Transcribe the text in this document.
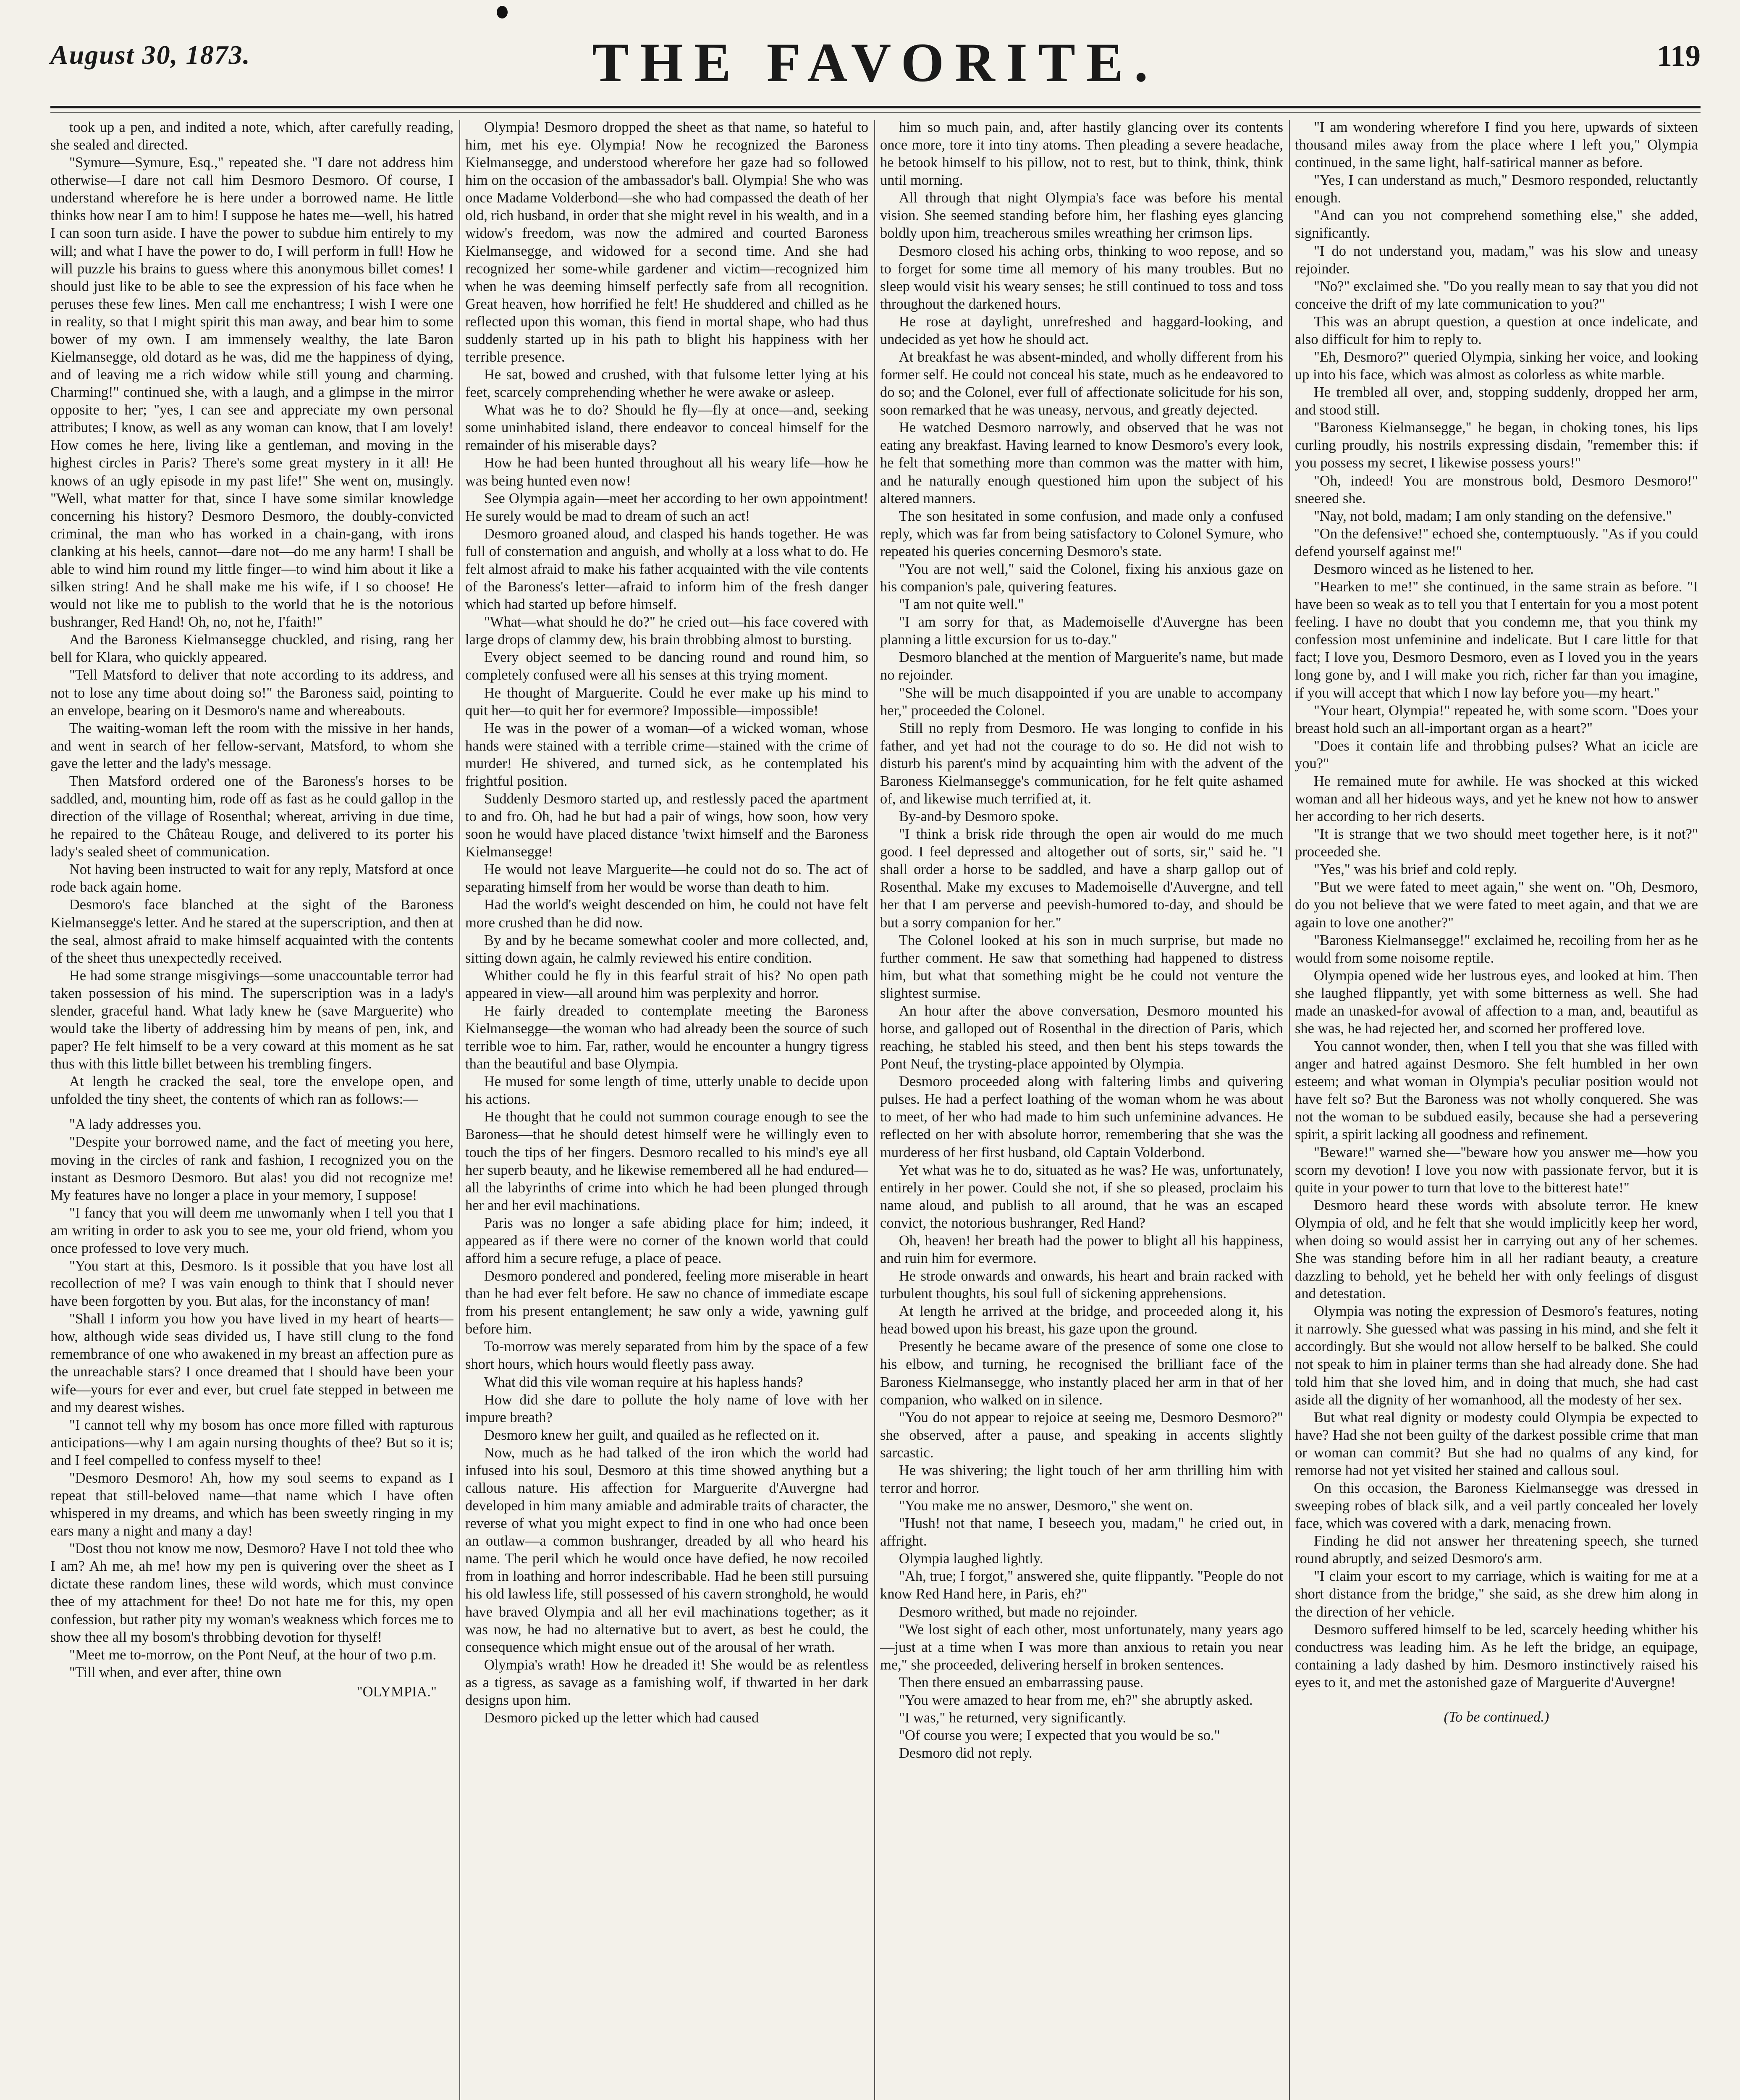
August 30, 1873.	THE FAVORITE.	119

took up a pen, and indited a note, which, after carefully reading, she sealed and directed.

"Symure—Symure, Esq.," repeated she. "I dare not address him otherwise—I dare not call him Desmoro Desmoro. Of course, I understand wherefore he is here under a borrowed name. He little thinks how near I am to him! I suppose he hates me—well, his hatred I can soon turn aside. I have the power to subdue him entirely to my will; and what I have the power to do, I will perform in full! How he will puzzle his brains to guess where this anonymous billet comes! I should just like to be able to see the expression of his face when he peruses these few lines. Men call me enchantress; I wish I were one in reality, so that I might spirit this man away, and bear him to some bower of my own. I am immensely wealthy, the late Baron Kielmansegge, old dotard as he was, did me the happiness of dying, and of leaving me a rich widow while still young and charming. Charming!" continued she, with a laugh, and a glimpse in the mirror opposite to her; "yes, I can see and appreciate my own personal attributes; I know, as well as any woman can know, that I am lovely! How comes he here, living like a gentleman, and moving in the highest circles in Paris? There's some great mystery in it all! He knows of an ugly episode in my past life!" She went on, musingly. "Well, what matter for that, since I have some similar knowledge concerning his history? Desmoro Desmoro, the doubly-convicted criminal, the man who has worked in a chain-gang, with irons clanking at his heels, cannot—dare not—do me any harm! I shall be able to wind him round my little finger—to wind him about it like a silken string! And he shall make me his wife, if I so choose! He would not like me to publish to the world that he is the notorious bushranger, Red Hand! Oh, no, not he, I'faith!"

And the Baroness Kielmansegge chuckled, and rising, rang her bell for Klara, who quickly appeared.

"Tell Matsford to deliver that note according to its address, and not to lose any time about doing so!" the Baroness said, pointing to an envelope, bearing on it Desmoro's name and whereabouts.

The waiting-woman left the room with the missive in her hands, and went in search of her fellow-servant, Matsford, to whom she gave the letter and the lady's message.

Then Matsford ordered one of the Baroness's horses to be saddled, and, mounting him, rode off as fast as he could gallop in the direction of the village of Rosenthal; whereat, arriving in due time, he repaired to the Château Rouge, and delivered to its porter his lady's sealed sheet of communication.

Not having been instructed to wait for any reply, Matsford at once rode back again home.

Desmoro's face blanched at the sight of the Baroness Kielmansegge's letter. And he stared at the superscription, and then at the seal, almost afraid to make himself acquainted with the contents of the sheet thus unexpectedly received.

He had some strange misgivings—some unaccountable terror had taken possession of his mind. The superscription was in a lady's slender, graceful hand. What lady knew he (save Marguerite) who would take the liberty of addressing him by means of pen, ink, and paper? He felt himself to be a very coward at this moment as he sat thus with this little billet between his trembling fingers.

At length he cracked the seal, tore the envelope open, and unfolded the tiny sheet, the contents of which ran as follows:—

"A lady addresses you.

"Despite your borrowed name, and the fact of meeting you here, moving in the circles of rank and fashion, I recognized you on the instant as Desmoro Desmoro. But alas! you did not recognize me! My features have no longer a place in your memory, I suppose!

"I fancy that you will deem me unwomanly when I tell you that I am writing in order to ask you to see me, your old friend, whom you once professed to love very much.

"You start at this, Desmoro. Is it possible that you have lost all recollection of me? I was vain enough to think that I should never have been forgotten by you. But alas, for the inconstancy of man!

"Shall I inform you how you have lived in my heart of hearts—how, although wide seas divided us, I have still clung to the fond remembrance of one who awakened in my breast an affection pure as the unreachable stars? I once dreamed that I should have been your wife—yours for ever and ever, but cruel fate stepped in between me and my dearest wishes.

"I cannot tell why my bosom has once more filled with rapturous anticipations—why I am again nursing thoughts of thee? But so it is; and I feel compelled to confess myself to thee!

"Desmoro Desmoro! Ah, how my soul seems to expand as I repeat that still-beloved name—that name which I have often whispered in my dreams, and which has been sweetly ringing in my ears many a night and many a day!

"Dost thou not know me now, Desmoro? Have I not told thee who I am? Ah me, ah me! how my pen is quivering over the sheet as I dictate these random lines, these wild words, which must convince thee of my attachment for thee! Do not hate me for this, my open confession, but rather pity my woman's weakness which forces me to show thee all my bosom's throbbing devotion for thyself!

"Meet me to-morrow, on the Pont Neuf, at the hour of two p.m.

"Till when, and ever after, thine own

"OLYMPIA."

Olympia! Desmoro dropped the sheet as that name, so hateful to him, met his eye. Olympia! Now he recognized the Baroness Kielmansegge, and understood wherefore her gaze had so followed him on the occasion of the ambassador's ball. Olympia! She who was once Madame Volderbond—she who had compassed the death of her old, rich husband, in order that she might revel in his wealth, and in a widow's freedom, was now the admired and courted Baroness Kielmansegge, and widowed for a second time. And she had recognized her some-while gardener and victim—recognized him when he was deeming himself perfectly safe from all recognition. Great heaven, how horrified he felt! He shuddered and chilled as he reflected upon this woman, this fiend in mortal shape, who had thus suddenly started up in his path to blight his happiness with her terrible presence.

He sat, bowed and crushed, with that fulsome letter lying at his feet, scarcely comprehending whether he were awake or asleep.

What was he to do? Should he fly—fly at once—and, seeking some uninhabited island, there endeavor to conceal himself for the remainder of his miserable days?

How he had been hunted throughout all his weary life—how he was being hunted even now!

See Olympia again—meet her according to her own appointment! He surely would be mad to dream of such an act!

Desmoro groaned aloud, and clasped his hands together. He was full of consternation and anguish, and wholly at a loss what to do. He felt almost afraid to make his father acquainted with the vile contents of the Baroness's letter—afraid to inform him of the fresh danger which had started up before himself.

"What—what should he do?" he cried out—his face covered with large drops of clammy dew, his brain throbbing almost to bursting.

Every object seemed to be dancing round and round him, so completely confused were all his senses at this trying moment.

He thought of Marguerite. Could he ever make up his mind to quit her—to quit her for evermore? Impossible—impossible!

He was in the power of a woman—of a wicked woman, whose hands were stained with a terrible crime—stained with the crime of murder! He shivered, and turned sick, as he contemplated his frightful position.

Suddenly Desmoro started up, and restlessly paced the apartment to and fro. Oh, had he but had a pair of wings, how soon, how very soon he would have placed distance 'twixt himself and the Baroness Kielmansegge!

He would not leave Marguerite—he could not do so. The act of separating himself from her would be worse than death to him.

Had the world's weight descended on him, he could not have felt more crushed than he did now.

By and by he became somewhat cooler and more collected, and, sitting down again, he calmly reviewed his entire condition.

Whither could he fly in this fearful strait of his? No open path appeared in view—all around him was perplexity and horror.

He fairly dreaded to contemplate meeting the Baroness Kielmansegge—the woman who had already been the source of such terrible woe to him. Far, rather, would he encounter a hungry tigress than the beautiful and base Olympia.

He mused for some length of time, utterly unable to decide upon his actions.

He thought that he could not summon courage enough to see the Baroness—that he should detest himself were he willingly even to touch the tips of her fingers. Desmoro recalled to his mind's eye all her superb beauty, and he likewise remembered all he had endured—all the labyrinths of crime into which he had been plunged through her and her evil machinations.

Paris was no longer a safe abiding place for him; indeed, it appeared as if there were no corner of the known world that could afford him a secure refuge, a place of peace.

Desmoro pondered and pondered, feeling more miserable in heart than he had ever felt before. He saw no chance of immediate escape from his present entanglement; he saw only a wide, yawning gulf before him.

To-morrow was merely separated from him by the space of a few short hours, which hours would fleetly pass away.

What did this vile woman require at his hapless hands?

How did she dare to pollute the holy name of love with her impure breath?

Desmoro knew her guilt, and quailed as he reflected on it.

Now, much as he had talked of the iron which the world had infused into his soul, Desmoro at this time showed anything but a callous nature. His affection for Marguerite d'Auvergne had developed in him many amiable and admirable traits of character, the reverse of what you might expect to find in one who had once been an outlaw—a common bushranger, dreaded by all who heard his name. The peril which he would once have defied, he now recoiled from in loathing and horror indescribable. Had he been still pursuing his old lawless life, still possessed of his cavern stronghold, he would have braved Olympia and all her evil machinations together; as it was now, he had no alternative but to avert, as best he could, the consequence which might ensue out of the arousal of her wrath.

Olympia's wrath! How he dreaded it! She would be as relentless as a tigress, as savage as a famishing wolf, if thwarted in her dark designs upon him.

Desmoro picked up the letter which had caused

him so much pain, and, after hastily glancing over its contents once more, tore it into tiny atoms. Then pleading a severe headache, he betook himself to his pillow, not to rest, but to think, think, think until morning.

All through that night Olympia's face was before his mental vision. She seemed standing before him, her flashing eyes glancing boldly upon him, treacherous smiles wreathing her crimson lips.

Desmoro closed his aching orbs, thinking to woo repose, and so to forget for some time all memory of his many troubles. But no sleep would visit his weary senses; he still continued to toss and toss throughout the darkened hours.

He rose at daylight, unrefreshed and haggard-looking, and undecided as yet how he should act.

At breakfast he was absent-minded, and wholly different from his former self. He could not conceal his state, much as he endeavored to do so; and the Colonel, ever full of affectionate solicitude for his son, soon remarked that he was uneasy, nervous, and greatly dejected.

He watched Desmoro narrowly, and observed that he was not eating any breakfast. Having learned to know Desmoro's every look, he felt that something more than common was the matter with him, and he naturally enough questioned him upon the subject of his altered manners.

The son hesitated in some confusion, and made only a confused reply, which was far from being satisfactory to Colonel Symure, who repeated his queries concerning Desmoro's state.

"You are not well," said the Colonel, fixing his anxious gaze on his companion's pale, quivering features.

"I am not quite well."

"I am sorry for that, as Mademoiselle d'Auvergne has been planning a little excursion for us to-day."

Desmoro blanched at the mention of Marguerite's name, but made no rejoinder.

"She will be much disappointed if you are unable to accompany her," proceeded the Colonel.

Still no reply from Desmoro. He was longing to confide in his father, and yet had not the courage to do so. He did not wish to disturb his parent's mind by acquainting him with the advent of the Baroness Kielmansegge's communication, for he felt quite ashamed of, and likewise much terrified at, it.

By-and-by Desmoro spoke.

"I think a brisk ride through the open air would do me much good. I feel depressed and altogether out of sorts, sir," said he. "I shall order a horse to be saddled, and have a sharp gallop out of Rosenthal. Make my excuses to Mademoiselle d'Auvergne, and tell her that I am perverse and peevish-humored to-day, and should be but a sorry companion for her."

The Colonel looked at his son in much surprise, but made no further comment. He saw that something had happened to distress him, but what that something might be he could not venture the slightest surmise.

An hour after the above conversation, Desmoro mounted his horse, and galloped out of Rosenthal in the direction of Paris, which reaching, he stabled his steed, and then bent his steps towards the Pont Neuf, the trysting-place appointed by Olympia.

Desmoro proceeded along with faltering limbs and quivering pulses. He had a perfect loathing of the woman whom he was about to meet, of her who had made to him such unfeminine advances. He reflected on her with absolute horror, remembering that she was the murderess of her first husband, old Captain Volderbond.

Yet what was he to do, situated as he was? He was, unfortunately, entirely in her power. Could she not, if she so pleased, proclaim his name aloud, and publish to all around, that he was an escaped convict, the notorious bushranger, Red Hand?

Oh, heaven! her breath had the power to blight all his happiness, and ruin him for evermore.

He strode onwards and onwards, his heart and brain racked with turbulent thoughts, his soul full of sickening apprehensions.

At length he arrived at the bridge, and proceeded along it, his head bowed upon his breast, his gaze upon the ground.

Presently he became aware of the presence of some one close to his elbow, and turning, he recognised the brilliant face of the Baroness Kielmansegge, who instantly placed her arm in that of her companion, who walked on in silence.

"You do not appear to rejoice at seeing me, Desmoro Desmoro?" she observed, after a pause, and speaking in accents slightly sarcastic.

He was shivering; the light touch of her arm thrilling him with terror and horror.

"You make me no answer, Desmoro," she went on.

"Hush! not that name, I beseech you, madam," he cried out, in affright.

Olympia laughed lightly.

"Ah, true; I forgot," answered she, quite flippantly. "People do not know Red Hand here, in Paris, eh?"

Desmoro writhed, but made no rejoinder.

"We lost sight of each other, most unfortunately, many years ago—just at a time when I was more than anxious to retain you near me," she proceeded, delivering herself in broken sentences.

Then there ensued an embarrassing pause.

"You were amazed to hear from me, eh?" she abruptly asked.

"I was," he returned, very significantly.

"Of course you were; I expected that you would be so."

Desmoro did not reply.

"I am wondering wherefore I find you here, upwards of sixteen thousand miles away from the place where I left you," Olympia continued, in the same light, half-satirical manner as before.

"Yes, I can understand as much," Desmoro responded, reluctantly enough.

"And can you not comprehend something else," she added, significantly.

"I do not understand you, madam," was his slow and uneasy rejoinder.

"No?" exclaimed she. "Do you really mean to say that you did not conceive the drift of my late communication to you?"

This was an abrupt question, a question at once indelicate, and also difficult for him to reply to.

"Eh, Desmoro?" queried Olympia, sinking her voice, and looking up into his face, which was almost as colorless as white marble.

He trembled all over, and, stopping suddenly, dropped her arm, and stood still.

"Baroness Kielmansegge," he began, in choking tones, his lips curling proudly, his nostrils expressing disdain, "remember this: if you possess my secret, I likewise possess yours!"

"Oh, indeed! You are monstrous bold, Desmoro Desmoro!" sneered she.

"Nay, not bold, madam; I am only standing on the defensive."

"On the defensive!" echoed she, contemptuously. "As if you could defend yourself against me!"

Desmoro winced as he listened to her.

"Hearken to me!" she continued, in the same strain as before. "I have been so weak as to tell you that I entertain for you a most potent feeling. I have no doubt that you condemn me, that you think my confession most unfeminine and indelicate. But I care little for that fact; I love you, Desmoro Desmoro, even as I loved you in the years long gone by, and I will make you rich, richer far than you imagine, if you will accept that which I now lay before you—my heart."

"Your heart, Olympia!" repeated he, with some scorn. "Does your breast hold such an all-important organ as a heart?"

"Does it contain life and throbbing pulses? What an icicle are you?"

He remained mute for awhile. He was shocked at this wicked woman and all her hideous ways, and yet he knew not how to answer her according to her rich deserts.

"It is strange that we two should meet together here, is it not?" proceeded she.

"Yes," was his brief and cold reply.

"But we were fated to meet again," she went on. "Oh, Desmoro, do you not believe that we were fated to meet again, and that we are again to love one another?"

"Baroness Kielmansegge!" exclaimed he, recoiling from her as he would from some noisome reptile.

Olympia opened wide her lustrous eyes, and looked at him. Then she laughed flippantly, yet with some bitterness as well. She had made an unasked-for avowal of affection to a man, and, beautiful as she was, he had rejected her, and scorned her proffered love.

You cannot wonder, then, when I tell you that she was filled with anger and hatred against Desmoro. She felt humbled in her own esteem; and what woman in Olympia's peculiar position would not have felt so? But the Baroness was not wholly conquered. She was not the woman to be subdued easily, because she had a persevering spirit, a spirit lacking all goodness and refinement.

"Beware!" warned she—"beware how you answer me—how you scorn my devotion! I love you now with passionate fervor, but it is quite in your power to turn that love to the bitterest hate!"

Desmoro heard these words with absolute terror. He knew Olympia of old, and he felt that she would implicitly keep her word, when doing so would assist her in carrying out any of her schemes. She was standing before him in all her radiant beauty, a creature dazzling to behold, yet he beheld her with only feelings of disgust and detestation.

Olympia was noting the expression of Desmoro's features, noting it narrowly. She guessed what was passing in his mind, and she felt it accordingly. But she would not allow herself to be balked. She could not speak to him in plainer terms than she had already done. She had told him that she loved him, and in doing that much, she had cast aside all the dignity of her womanhood, all the modesty of her sex.

But what real dignity or modesty could Olympia be expected to have? Had she not been guilty of the darkest possible crime that man or woman can commit? But she had no qualms of any kind, for remorse had not yet visited her stained and callous soul.

On this occasion, the Baroness Kielmansegge was dressed in sweeping robes of black silk, and a veil partly concealed her lovely face, which was covered with a dark, menacing frown.

Finding he did not answer her threatening speech, she turned round abruptly, and seized Desmoro's arm.

"I claim your escort to my carriage, which is waiting for me at a short distance from the bridge," she said, as she drew him along in the direction of her vehicle.

Desmoro suffered himself to be led, scarcely heeding whither his conductress was leading him. As he left the bridge, an equipage, containing a lady dashed by him. Desmoro instinctively raised his eyes to it, and met the astonished gaze of Marguerite d'Auvergne!

(To be continued.)
